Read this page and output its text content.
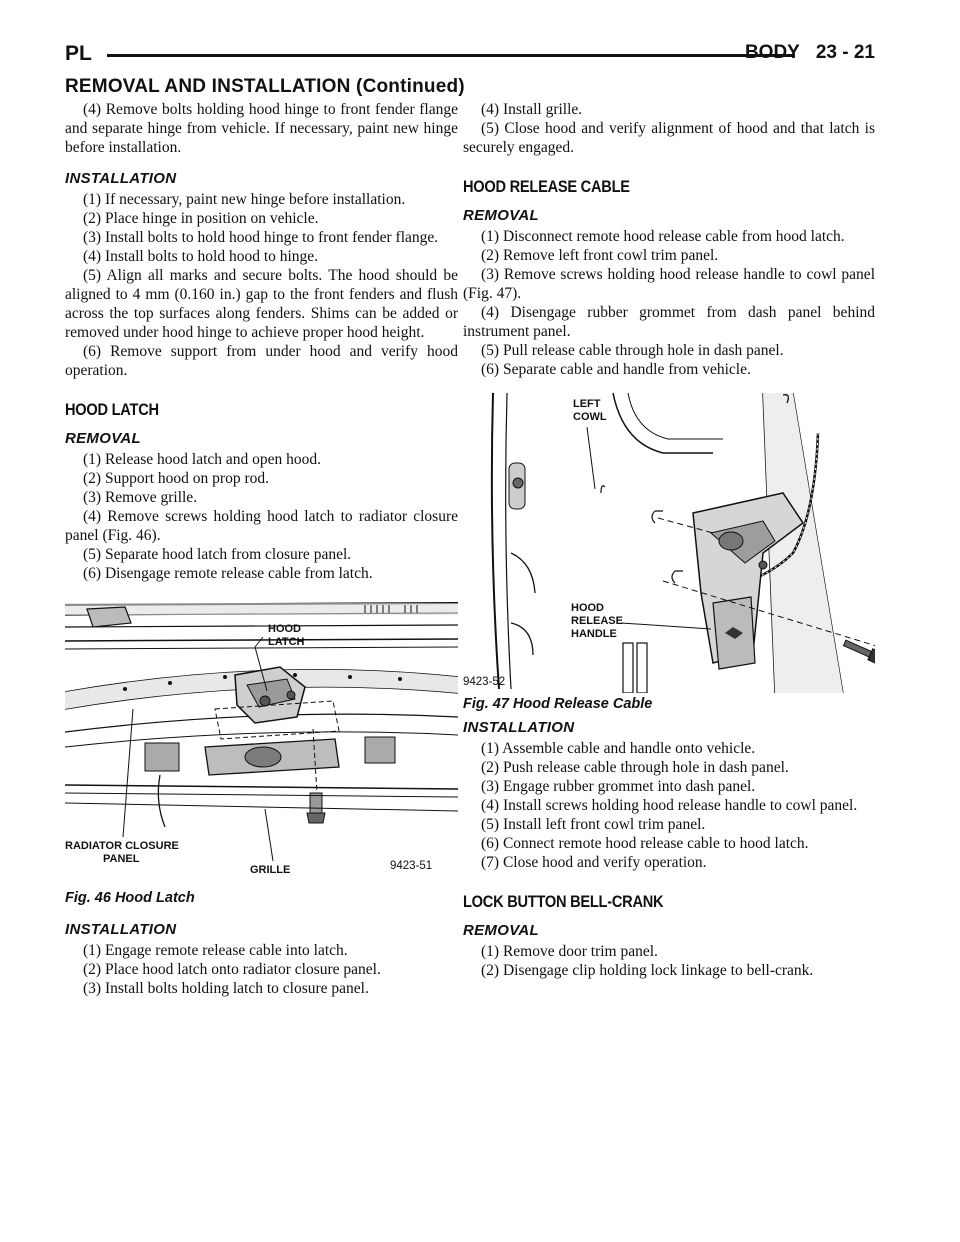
PL	BODY 23 - 21
REMOVAL AND INSTALLATION (Continued)

(4) Remove bolts holding hood hinge to front fender flange and separate hinge from vehicle. If necessary, paint new hinge before installation.

INSTALLATION

(1) If necessary, paint new hinge before installation.

(2) Place hinge in position on vehicle.

(3) Install bolts to hold hood hinge to front fender flange.

(4) Install bolts to hold hood to hinge.

(5) Align all marks and secure bolts. The hood should be aligned to 4 mm (0.160 in.) gap to the front fenders and flush across the top surfaces along fenders. Shims can be added or removed under hood hinge to achieve proper hood height.

(6) Remove support from under hood and verify hood operation.

HOOD LATCH
REMOVAL

(1) Release hood latch and open hood.

(2) Support hood on prop rod.

(3) Remove grille.

(4) Remove screws holding hood latch to radiator closure panel (Fig. 46).

(5) Separate hood latch from closure panel.

(6) Disengage remote release cable from latch.

HOOD
LATCH
RADIATOR CLOSURE
PANEL
GRILLE	9423-51
Fig. 46 Hood Latch
INSTALLATION

(1) Engage remote release cable into latch.

(2) Place hood latch onto radiator closure panel.

(3) Install bolts holding latch to closure panel.

(4) Install grille.

(5) Close hood and verify alignment of hood and that latch is securely engaged.

HOOD RELEASE CABLE
REMOVAL

(1) Disconnect remote hood release cable from hood latch.

(2) Remove left front cowl trim panel.

(3) Remove screws holding hood release handle to cowl panel (Fig. 47).

(4) Disengage rubber grommet from dash panel behind instrument panel.

(5) Pull release cable through hole in dash panel.

(6) Separate cable and handle from vehicle.

LEFT
COWL
HOOD
RELEASE
HANDLE
9423-52
Fig. 47 Hood Release Cable
INSTALLATION

(1) Assemble cable and handle onto vehicle.

(2) Push release cable through hole in dash panel.

(3) Engage rubber grommet into dash panel.

(4) Install screws holding hood release handle to cowl panel.

(5) Install left front cowl trim panel.

(6) Connect remote hood release cable to hood latch.

(7) Close hood and verify operation.

LOCK BUTTON BELL-CRANK
REMOVAL

(1) Remove door trim panel.

(2) Disengage clip holding lock linkage to bell-crank.
